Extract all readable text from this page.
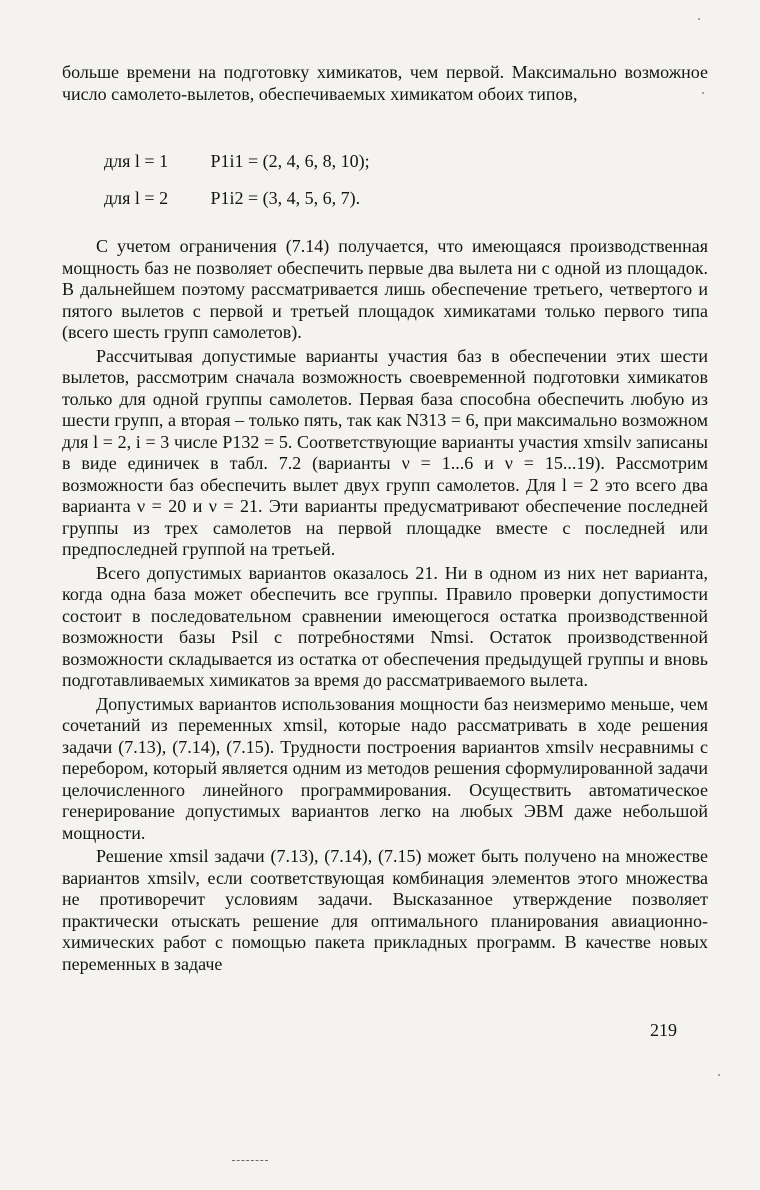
больше времени на подготовку химикатов, чем первой. Максимально возможное число самолето-вылетов, обеспечиваемых химикатом обоих типов,

для l = 1 P1i1 = (2, 4, 6, 8, 10);
для l = 2 P1i2 = (3, 4, 5, 6, 7).

С учетом ограничения (7.14) получается, что имеющаяся производственная мощность баз не позволяет обеспечить первые два вылета ни с одной из площадок. В дальнейшем поэтому рассматривается лишь обеспечение третьего, четвертого и пятого вылетов с первой и третьей площадок химикатами только первого типа (всего шесть групп самолетов).

Рассчитывая допустимые варианты участия баз в обеспечении этих шести вылетов, рассмотрим сначала возможность своевременной подготовки химикатов только для одной группы самолетов. Первая база способна обеспечить любую из шести групп, а вторая – только пять, так как N313 = 6, при максимально возможном для l = 2, i = 3 числе P132 = 5. Соответствующие варианты участия xmsilν записаны в виде единичек в табл. 7.2 (варианты ν = 1...6 и ν = 15...19). Рассмотрим возможности баз обеспечить вылет двух групп самолетов. Для l = 2 это всего два варианта ν = 20 и ν = 21. Эти варианты предусматривают обеспечение последней группы из трех самолетов на первой площадке вместе с последней или предпоследней группой на третьей.

Всего допустимых вариантов оказалось 21. Ни в одном из них нет варианта, когда одна база может обеспечить все группы. Правило проверки допустимости состоит в последовательном сравнении имеющегося остатка производственной возможности базы Psil с потребностями Nmsi. Остаток производственной возможности складывается из остатка от обеспечения предыдущей группы и вновь подготавливаемых химикатов за время до рассматриваемого вылета.

Допустимых вариантов использования мощности баз неизмеримо меньше, чем сочетаний из переменных xmsil, которые надо рассматривать в ходе решения задачи (7.13), (7.14), (7.15). Трудности построения вариантов xmsilν несравнимы с перебором, который является одним из методов решения сформулированной задачи целочисленного линейного программирования. Осуществить автоматическое генерирование допустимых вариантов легко на любых ЭВМ даже небольшой мощности.

Решение xmsil задачи (7.13), (7.14), (7.15) может быть получено на множестве вариантов xmsilν, если соответствующая комбинация элементов этого множества не противоречит условиям задачи. Высказанное утверждение позволяет практически отыскать решение для оптимального планирования авиационно-химических работ с помощью пакета прикладных программ. В качестве новых переменных в задаче

219
